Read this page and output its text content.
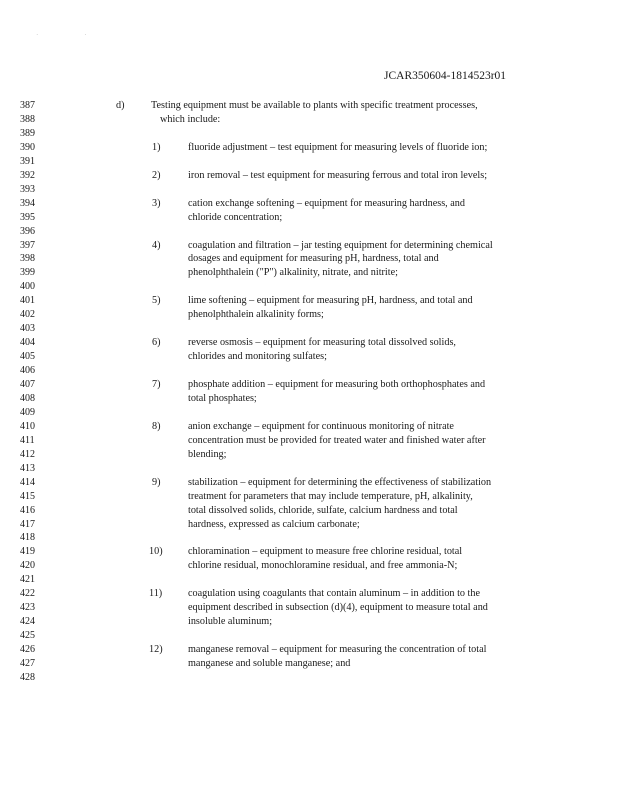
˙ ˙
JCAR350604-1814523r01
387
388
389
390
391
392
393
394
395
396
397
398
399
400
401
402
403
404
405
406
407
408
409
410
411
412
413
414
415
416
417
418
419
420
421
422
423
424
425
426
427
428
d)	Testing equipment must be available to plants with specific treatment processes,
which include:
1)	fluoride adjustment – test equipment for measuring levels of fluoride ion;
2)	iron removal – test equipment for measuring ferrous and total iron levels;
3)	cation exchange softening – equipment for measuring hardness, and
chloride concentration;
4)	coagulation and filtration – jar testing equipment for determining chemical
dosages and equipment for measuring pH, hardness, total and
phenolphthalein ("P") alkalinity, nitrate, and nitrite;
5)	lime softening – equipment for measuring pH, hardness, and total and
phenolphthalein alkalinity forms;
6)	reverse osmosis – equipment for measuring total dissolved solids,
chlorides and monitoring sulfates;
7)	phosphate addition – equipment for measuring both orthophosphates and
total phosphates;
8)	anion exchange – equipment for continuous monitoring of nitrate
concentration must be provided for treated water and finished water after
blending;
9)	stabilization – equipment for determining the effectiveness of stabilization
treatment for parameters that may include temperature, pH, alkalinity,
total dissolved solids, chloride, sulfate, calcium hardness and total
hardness, expressed as calcium carbonate;
10) chloramination – equipment to measure free chlorine residual, total
chlorine residual, monochloramine residual, and free ammonia-N;
11)	coagulation using coagulants that contain aluminum – in addition to the
equipment described in subsection (d)(4), equipment to measure total and
insoluble aluminum;
12) manganese removal – equipment for measuring the concentration of total
manganese and soluble manganese; and
